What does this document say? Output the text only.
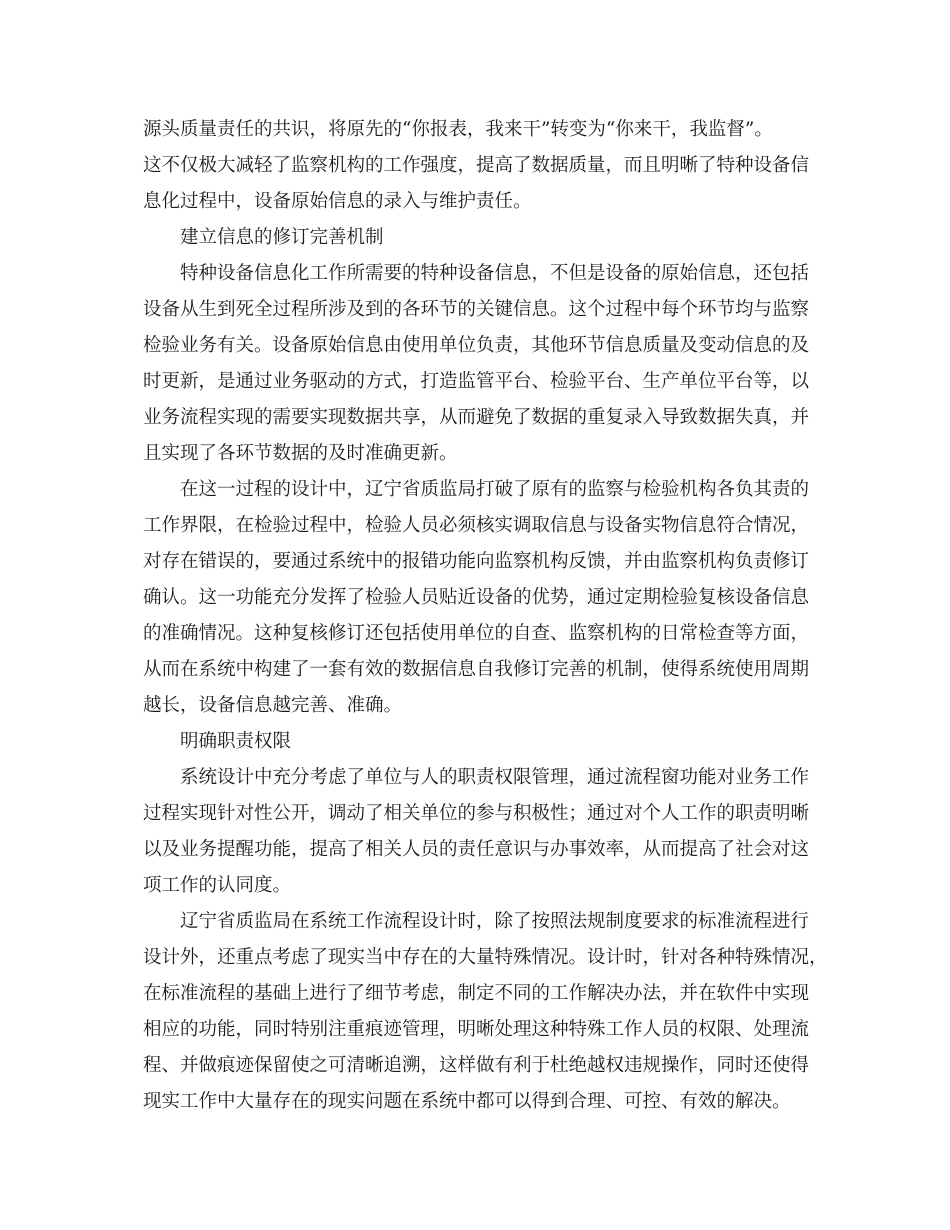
源头质量责任的共识，将原先的“你报表，我来干”转变为“你来干，我监督”。
这不仅极大减轻了监察机构的工作强度，提高了数据质量，而且明晰了特种设备信
息化过程中，设备原始信息的录入与维护责任。
建立信息的修订完善机制
特种设备信息化工作所需要的特种设备信息，不但是设备的原始信息，还包括
设备从生到死全过程所涉及到的各环节的关键信息。这个过程中每个环节均与监察
检验业务有关。设备原始信息由使用单位负责，其他环节信息质量及变动信息的及
时更新，是通过业务驱动的方式，打造监管平台、检验平台、生产单位平台等，以
业务流程实现的需要实现数据共享，从而避免了数据的重复录入导致数据失真，并
且实现了各环节数据的及时准确更新。
在这一过程的设计中，辽宁省质监局打破了原有的监察与检验机构各负其责的
工作界限，在检验过程中，检验人员必须核实调取信息与设备实物信息符合情况，
对存在错误的，要通过系统中的报错功能向监察机构反馈，并由监察机构负责修订
确认。这一功能充分发挥了检验人员贴近设备的优势，通过定期检验复核设备信息
的准确情况。这种复核修订还包括使用单位的自查、监察机构的日常检查等方面，
从而在系统中构建了一套有效的数据信息自我修订完善的机制，使得系统使用周期
越长，设备信息越完善、准确。
明确职责权限
系统设计中充分考虑了单位与人的职责权限管理，通过流程窗功能对业务工作
过程实现针对性公开，调动了相关单位的参与积极性；通过对个人工作的职责明晰
以及业务提醒功能，提高了相关人员的责任意识与办事效率，从而提高了社会对这
项工作的认同度。
辽宁省质监局在系统工作流程设计时，除了按照法规制度要求的标准流程进行
设计外，还重点考虑了现实当中存在的大量特殊情况。设计时，针对各种特殊情况，
在标准流程的基础上进行了细节考虑，制定不同的工作解决办法，并在软件中实现
相应的功能，同时特别注重痕迹管理，明晰处理这种特殊工作人员的权限、处理流
程、并做痕迹保留使之可清晰追溯，这样做有利于杜绝越权违规操作，同时还使得
现实工作中大量存在的现实问题在系统中都可以得到合理、可控、有效的解决。
